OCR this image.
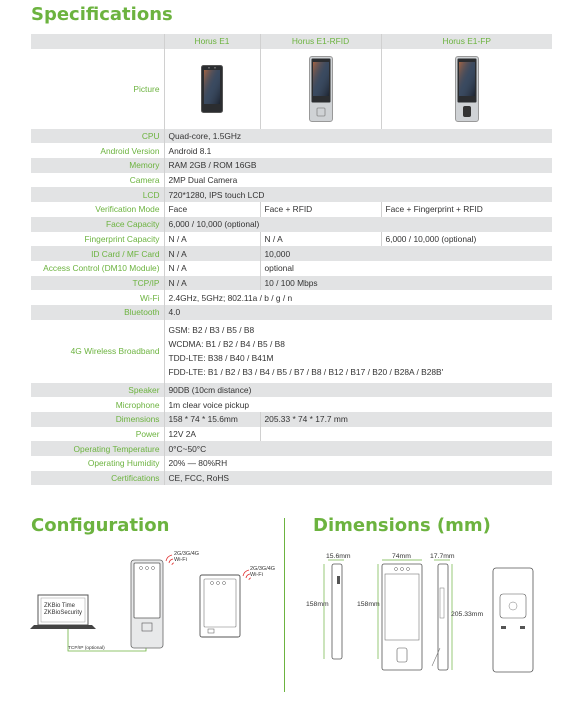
Specifications
	Horus E1	Horus E1-RFID	Horus E1-FP
Picture	

CPU	Quad-core, 1.5GHz		
Android Version	Android 8.1		
Memory	RAM 2GB / ROM 16GB		
Camera	2MP Dual Camera		
LCD	720*1280, IPS touch LCD		
Verification Mode	Face	Face + RFID	Face + Fingerprint + RFID
Face Capacity	6,000 / 10,000 (optional)		
Fingerprint Capacity	N / A	N / A	6,000 / 10,000 (optional)
ID Card / MF Card	N / A	10,000	
Access Control (DM10 Module)	N / A	optional	
TCP/IP	N / A	10 / 100 Mbps	
Wi-Fi	2.4GHz, 5GHz; 802.11a / b / g / n		
Bluetooth	4.0		
4G Wireless Broadband	GSM: B2 / B3 / B5 / B8
WCDMA: B1 / B2 / B4 / B5 / B8
TDD-LTE: B38 / B40 / B41M
FDD-LTE: B1 / B2 / B3 / B4 / B5 / B7 / B8 / B12 / B17 / B20 / B28A / B28B'		

Speaker	90DB (10cm distance)		
Microphone	1m clear voice pickup		
Dimensions	158 * 74 * 15.6mm	205.33 * 74 * 17.7 mm	
Power	12V 2A		
Operating Temperature	0°C~50°C		
Operating Humidity	20% — 80%RH		
Certifications	CE, FCC, RoHS		
Configuration
2G/3G/4G
Wi-Fi
2G/3G/4G
Wi-Fi
ZKBio Time
ZKBioSecurity
TCP/IP (optional)
Dimensions (mm)
15.6mm	74mm	17.7mm
158mm	158mm
205.33mm
